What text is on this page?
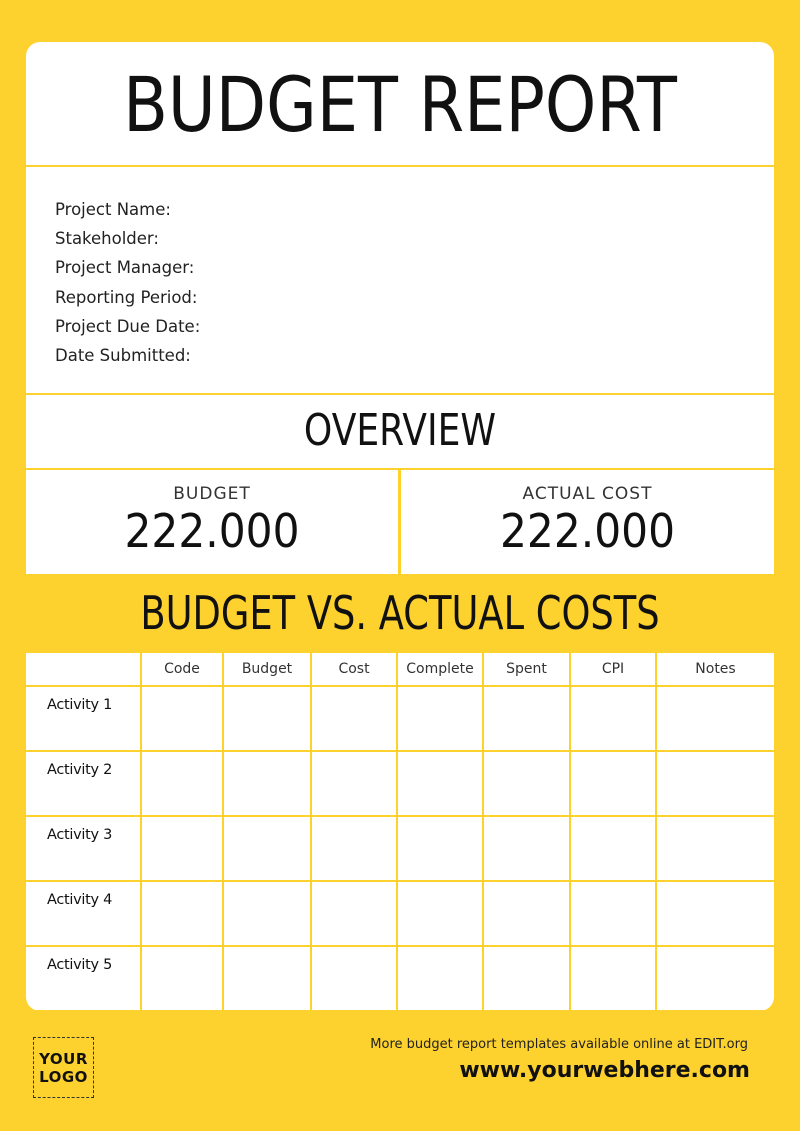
BUDGET REPORT
Project Name:
Stakeholder:
Project Manager:
Reporting Period:
Project Due Date:
Date Submitted:
OVERVIEW
BUDGET
222.000
ACTUAL COST
222.000
BUDGET VS. ACTUAL COSTS
	Code	Budget	Cost	Complete	Spent	CPI	Notes
Activity 1							
Activity 2							
Activity 3							
Activity 4							
Activity 5							
YOUR
LOGO
More budget report templates available online at EDIT.org
www.yourwebhere.com
